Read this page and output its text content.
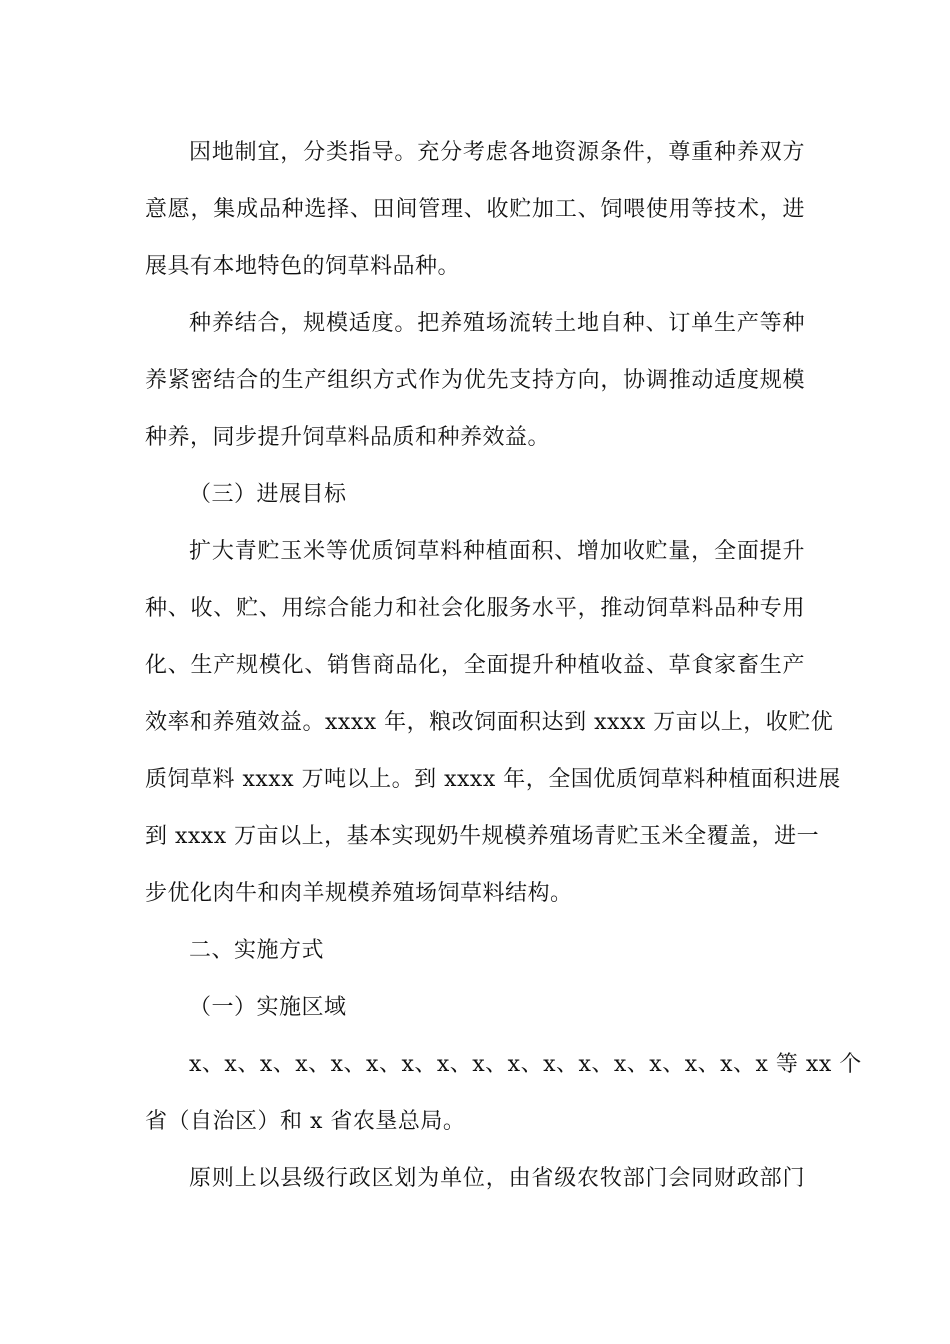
因地制宜，分类指导。充分考虑各地资源条件，尊重种养双方
意愿，集成品种选择、田间管理、收贮加工、饲喂使用等技术，进
展具有本地特色的饲草料品种。
种养结合，规模适度。把养殖场流转土地自种、订单生产等种
养紧密结合的生产组织方式作为优先支持方向，协调推动适度规模
种养，同步提升饲草料品质和种养效益。
（三）进展目标
扩大青贮玉米等优质饲草料种植面积、增加收贮量，全面提升
种、收、贮、用综合能力和社会化服务水平，推动饲草料品种专用
化、生产规模化、销售商品化，全面提升种植收益、草食家畜生产
效率和养殖效益。xxxx 年，粮改饲面积达到 xxxx 万亩以上，收贮优
质饲草料 xxxx 万吨以上。到 xxxx 年，全国优质饲草料种植面积进展
到 xxxx 万亩以上，基本实现奶牛规模养殖场青贮玉米全覆盖，进一
步优化肉牛和肉羊规模养殖场饲草料结构。
二、实施方式
（一）实施区域
x、x、x、x、x、x、x、x、x、x、x、x、x、x、x、x、x 等 xx 个
省（自治区）和 x 省农垦总局。
原则上以县级行政区划为单位，由省级农牧部门会同财政部门
